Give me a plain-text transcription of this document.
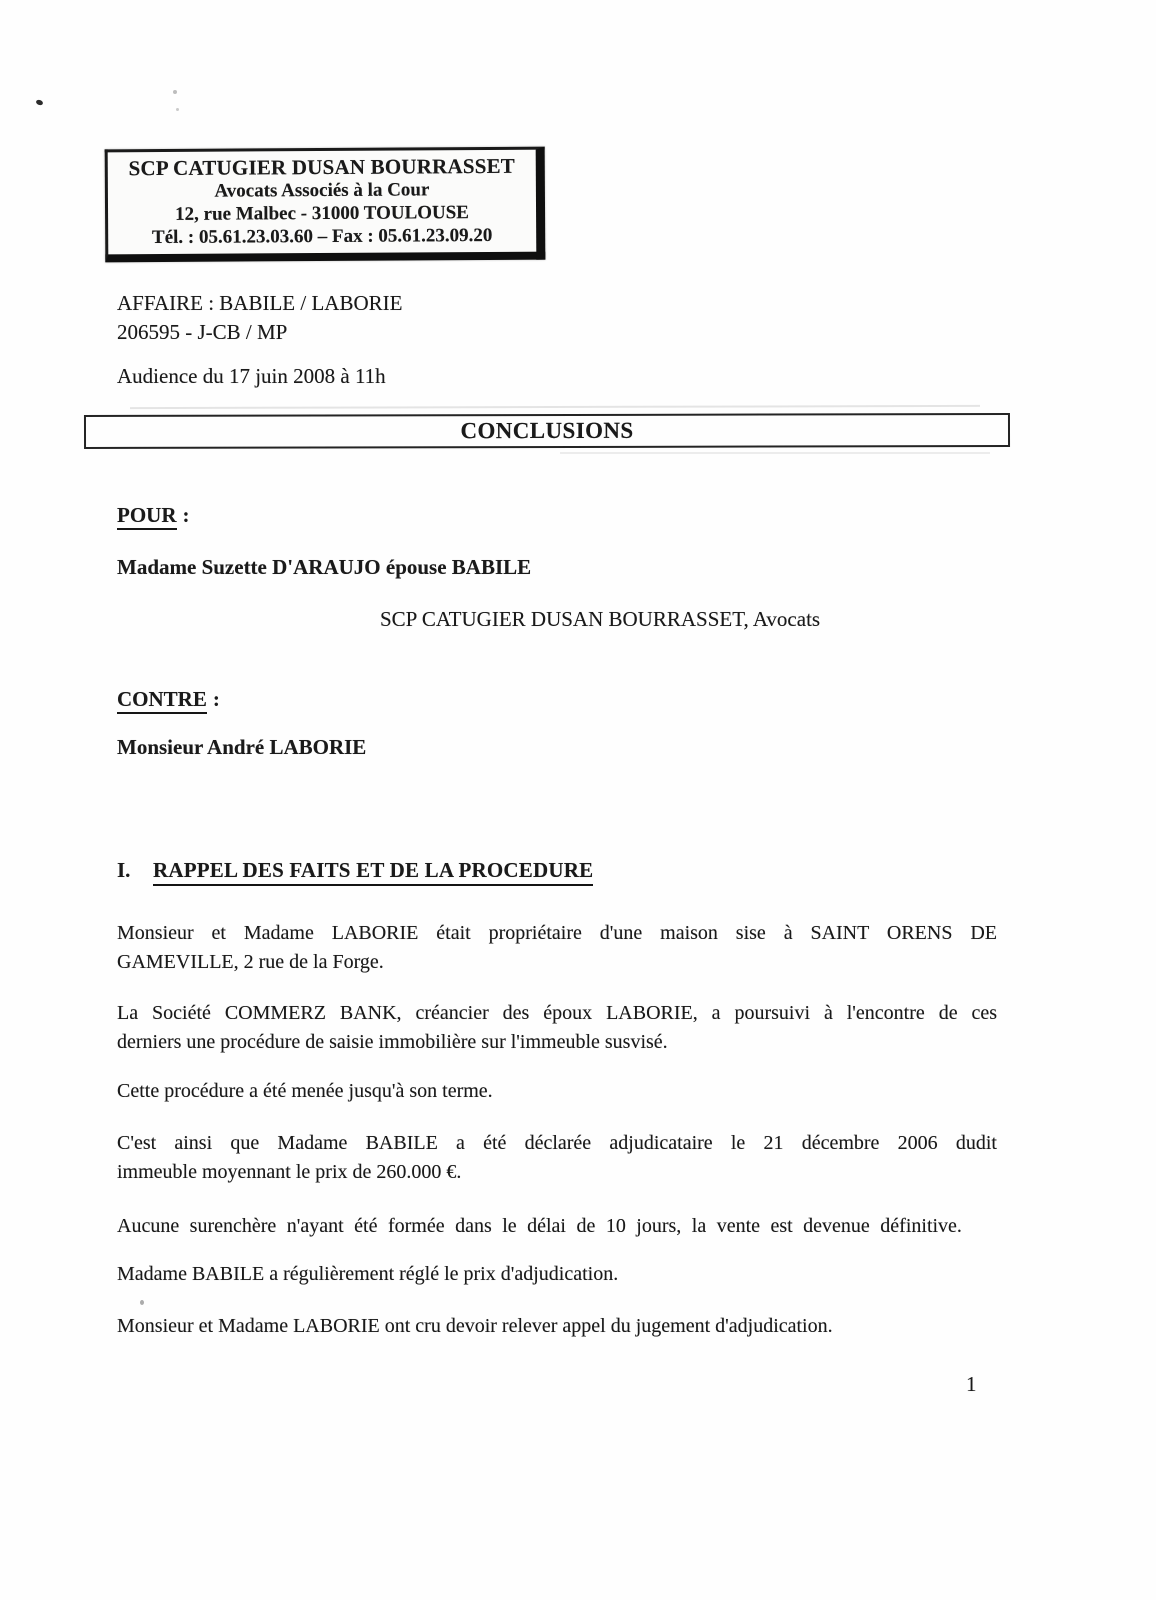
SCP CATUGIER DUSAN BOURRASSET
Avocats Associés à la Cour
12, rue Malbec - 31000 TOULOUSE
Tél. : 05.61.23.03.60 – Fax : 05.61.23.09.20
AFFAIRE : BABILE / LABORIE
206595 - J-CB / MP
Audience du 17 juin 2008 à 11h
CONCLUSIONS
POUR :
Madame Suzette D'ARAUJO épouse BABILE
SCP CATUGIER DUSAN BOURRASSET, Avocats
CONTRE :
Monsieur André LABORIE
I. RAPPEL DES FAITS ET DE LA PROCEDURE
Monsieur et Madame LABORIE était propriétaire d'une maison sise à SAINT ORENS DE
GAMEVILLE, 2 rue de la Forge.
La Société COMMERZ BANK, créancier des époux LABORIE, a poursuivi à l'encontre de ces
derniers une procédure de saisie immobilière sur l'immeuble susvisé.
Cette procédure a été menée jusqu'à son terme.
C'est ainsi que Madame BABILE a été déclarée adjudicataire le 21 décembre 2006 dudit
immeuble moyennant le prix de 260.000 €.
Aucune surenchère n'ayant été formée dans le délai de 10 jours, la vente est devenue définitive.
Madame BABILE a régulièrement réglé le prix d'adjudication.
Monsieur et Madame LABORIE ont cru devoir relever appel du jugement d'adjudication.
1
